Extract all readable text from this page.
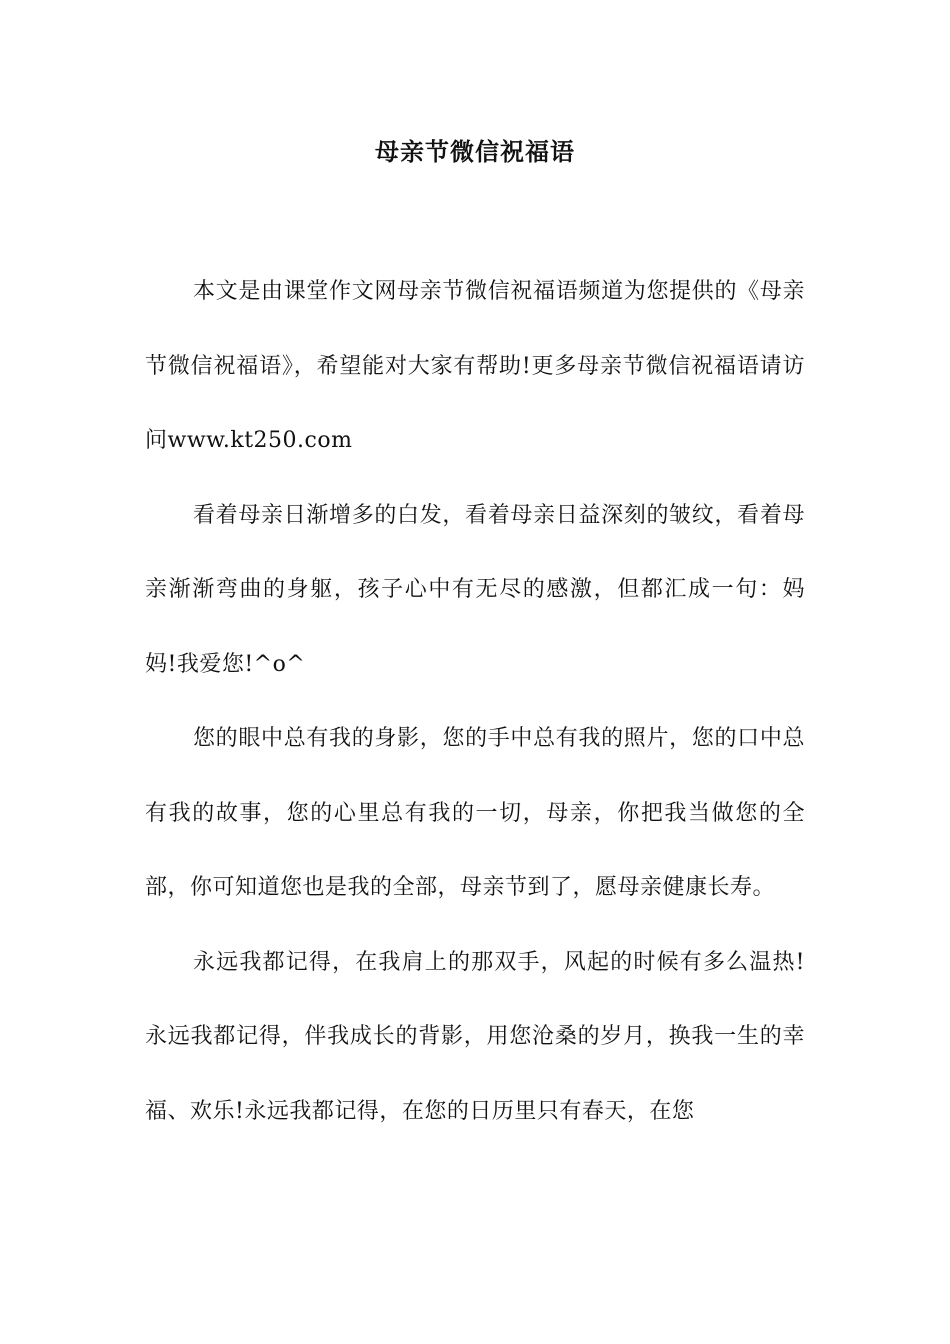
母亲节微信祝福语

本文是由课堂作文网母亲节微信祝福语频道为您提供的《母亲节微信祝福语》，希望能对大家有帮助!更多母亲节微信祝福语请访问www.kt250.com

看着母亲日渐增多的白发，看着母亲日益深刻的皱纹，看着母亲渐渐弯曲的身躯，孩子心中有无尽的感激，但都汇成一句：妈妈!我爱您!^o^

您的眼中总有我的身影，您的手中总有我的照片，您的口中总有我的故事，您的心里总有我的一切，母亲，你把我当做您的全部，你可知道您也是我的全部，母亲节到了，愿母亲健康长寿。

永远我都记得，在我肩上的那双手，风起的时候有多么温热!永远我都记得，伴我成长的背影，用您沧桑的岁月，换我一生的幸福、欢乐!永远我都记得，在您的日历里只有春天，在您
